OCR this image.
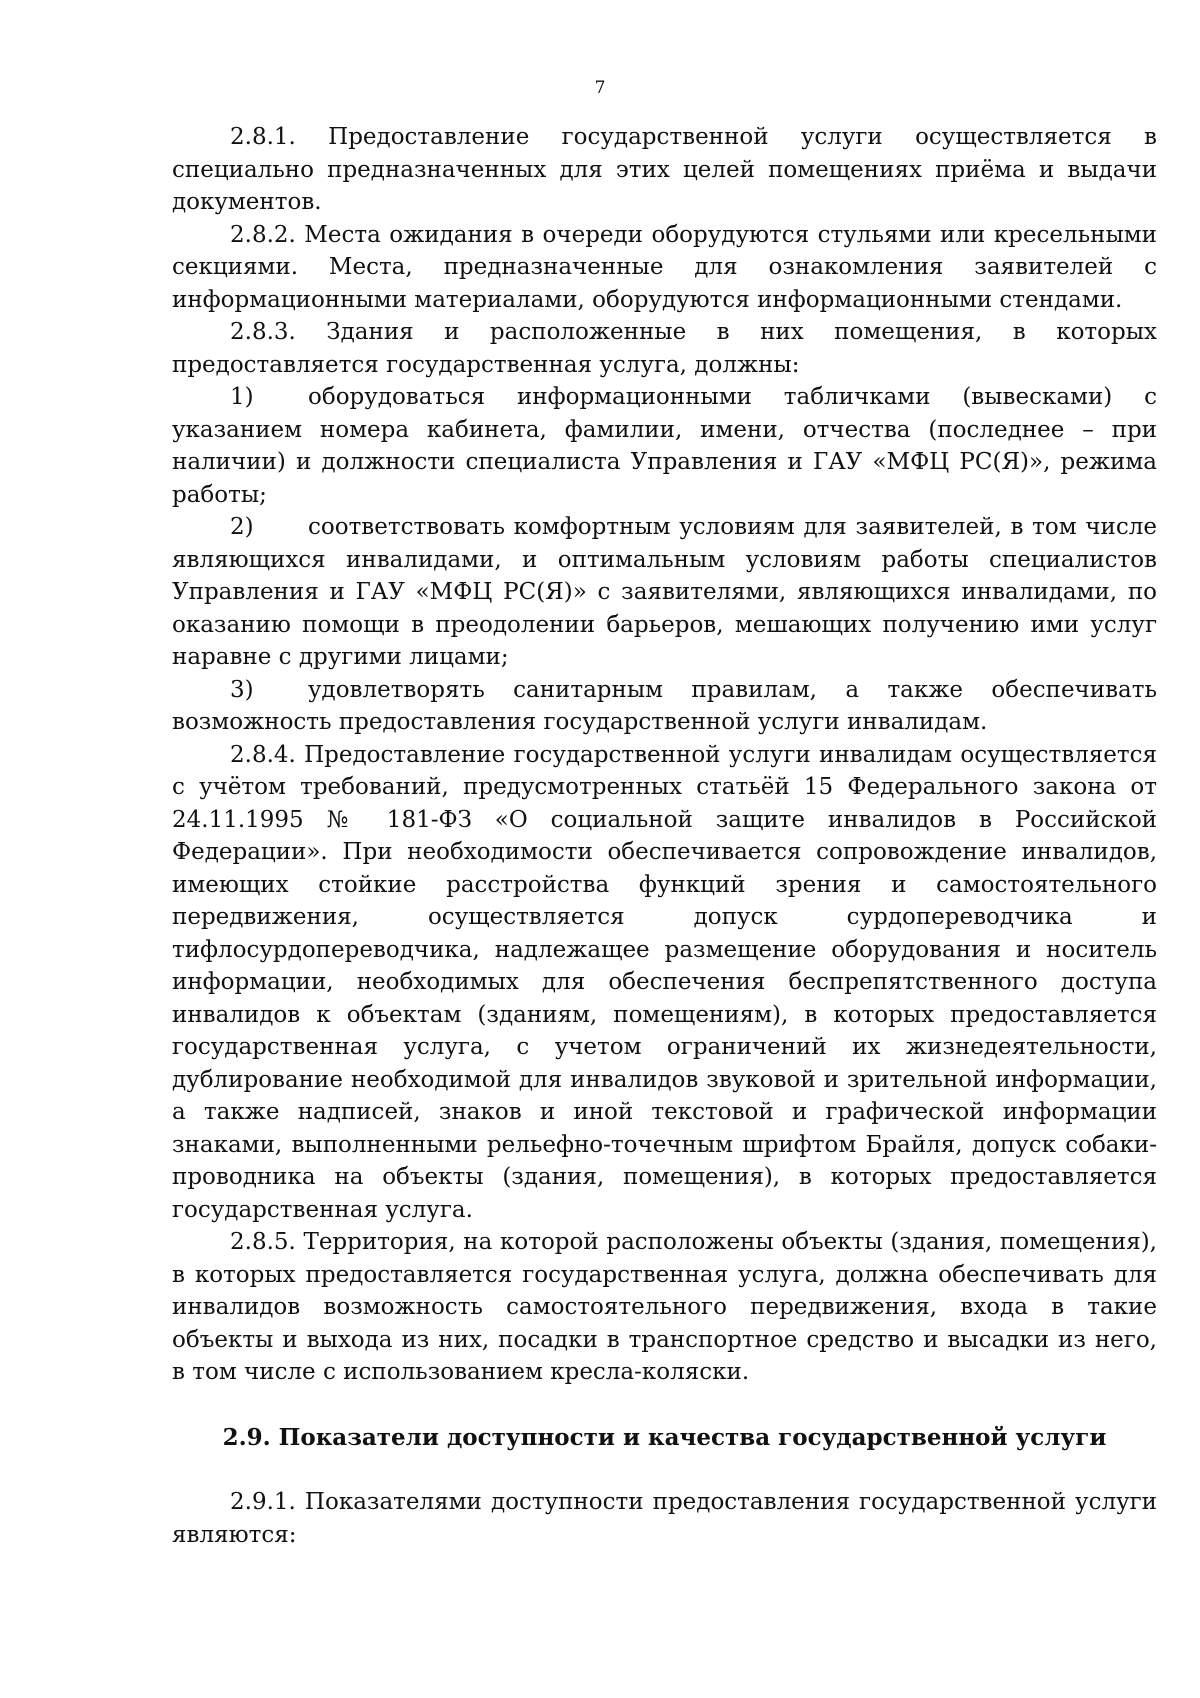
7

2.8.1. Предоставление государственной услуги осуществляется в специально предназначенных для этих целей помещениях приёма и выдачи документов.

2.8.2. Места ожидания в очереди оборудуются стульями или кресельными секциями. Места, предназначенные для ознакомления заявителей с информационными материалами, оборудуются информационными стендами.

2.8.3. Здания и расположенные в них помещения, в которых предоставляется государственная услуга, должны:

1) оборудоваться информационными табличками (вывесками) с указанием номера кабинета, фамилии, имени, отчества (последнее – при наличии) и должности специалиста Управления и ГАУ «МФЦ РС(Я)», режима работы;

2) соответствовать комфортным условиям для заявителей, в том числе являющихся инвалидами, и оптимальным условиям работы специалистов Управления и ГАУ «МФЦ РС(Я)» с заявителями, являющихся инвалидами, по оказанию помощи в преодолении барьеров, мешающих получению ими услуг наравне с другими лицами;

3) удовлетворять санитарным правилам, а также обеспечивать возможность предоставления государственной услуги инвалидам.

2.8.4. Предоставление государственной услуги инвалидам осуществляется с учётом требований, предусмотренных статьёй 15 Федерального закона от 24.11.1995 № 181-ФЗ «О социальной защите инвалидов в Российской Федерации». При необходимости обеспечивается сопровождение инвалидов, имеющих стойкие расстройства функций зрения и самостоятельного передвижения, осуществляется допуск сурдопереводчика и тифлосурдопереводчика, надлежащее размещение оборудования и носитель информации, необходимых для обеспечения беспрепятственного доступа инвалидов к объектам (зданиям, помещениям), в которых предоставляется государственная услуга, с учетом ограничений их жизнедеятельности, дублирование необходимой для инвалидов звуковой и зрительной информации, а также надписей, знаков и иной текстовой и графической информации знаками, выполненными рельефно-точечным шрифтом Брайля, допуск собаки-проводника на объекты (здания, помещения), в которых предоставляется государственная услуга.

2.8.5. Территория, на которой расположены объекты (здания, помещения), в которых предоставляется государственная услуга, должна обеспечивать для инвалидов возможность самостоятельного передвижения, входа в такие объекты и выхода из них, посадки в транспортное средство и высадки из него, в том числе с использованием кресла-коляски.

2.9. Показатели доступности и качества государственной услуги

2.9.1. Показателями доступности предоставления государственной услуги являются:
